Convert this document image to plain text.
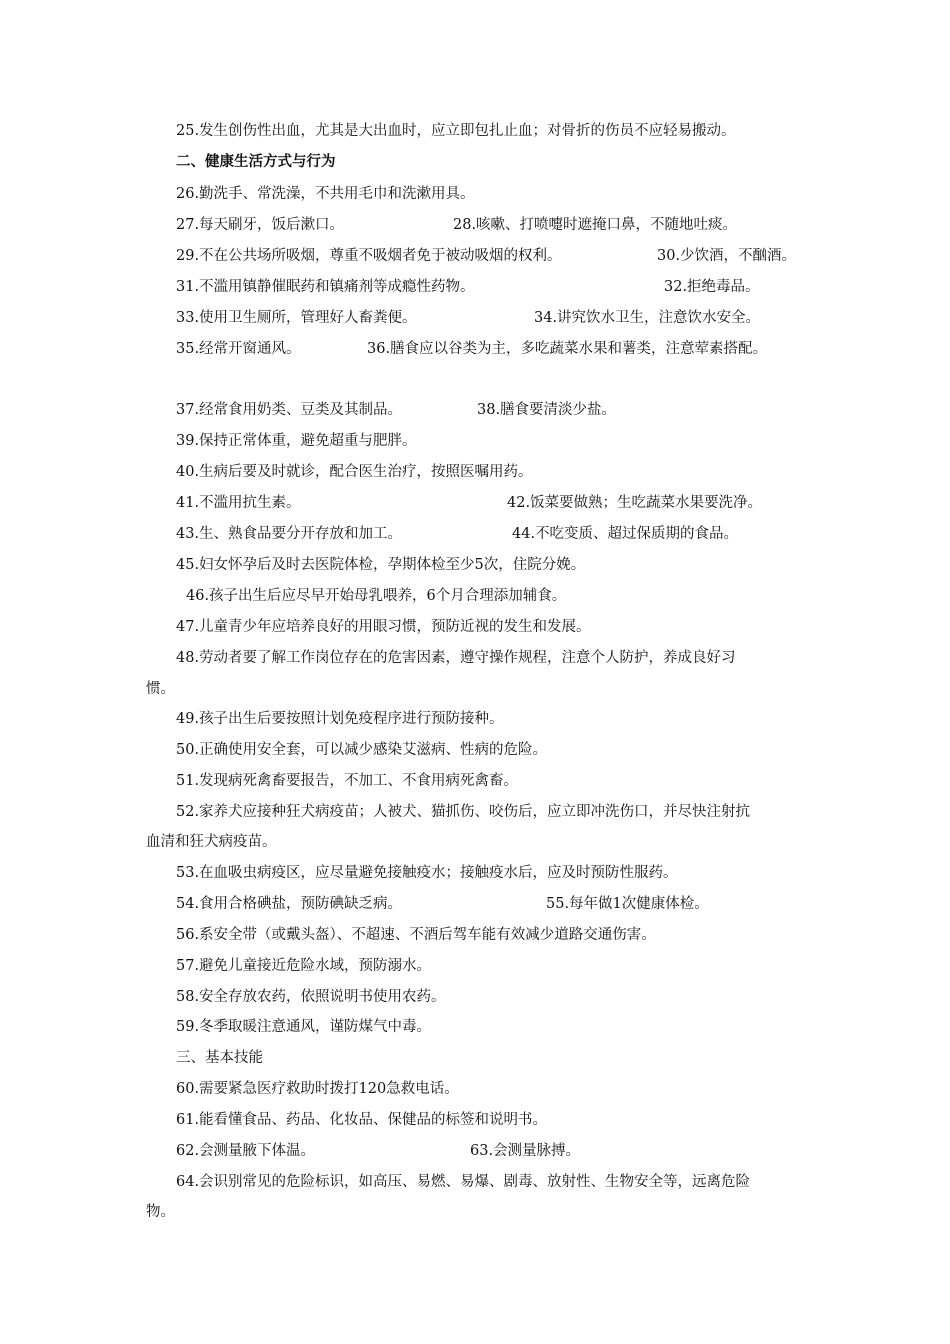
25.发生创伤性出血，尤其是大出血时，应立即包扎止血；对骨折的伤员不应轻易搬动。
二、健康生活方式与行为
26.勤洗手、常洗澡，不共用毛巾和洗漱用具。
27.每天刷牙，饭后漱口。	28.咳嗽、打喷嚏时遮掩口鼻，不随地吐痰。
29.不在公共场所吸烟，尊重不吸烟者免于被动吸烟的权利。	30.少饮酒，不酗酒。
31.不滥用镇静催眠药和镇痛剂等成瘾性药物。	32.拒绝毒品。
33.使用卫生厕所，管理好人畜粪便。	34.讲究饮水卫生，注意饮水安全。
35.经常开窗通风。	36.膳食应以谷类为主，多吃蔬菜水果和薯类，注意荤素搭配。
37.经常食用奶类、豆类及其制品。	38.膳食要清淡少盐。
39.保持正常体重，避免超重与肥胖。
40.生病后要及时就诊，配合医生治疗，按照医嘱用药。
41.不滥用抗生素。	42.饭菜要做熟；生吃蔬菜水果要洗净。
43.生、熟食品要分开存放和加工。	44.不吃变质、超过保质期的食品。
45.妇女怀孕后及时去医院体检，孕期体检至少5次，住院分娩。
46.孩子出生后应尽早开始母乳喂养，6个月合理添加辅食。
47.儿童青少年应培养良好的用眼习惯，预防近视的发生和发展。
48.劳动者要了解工作岗位存在的危害因素，遵守操作规程，注意个人防护，养成良好习
惯。
49.孩子出生后要按照计划免疫程序进行预防接种。
50.正确使用安全套，可以减少感染艾滋病、性病的危险。
51.发现病死禽畜要报告，不加工、不食用病死禽畜。
52.家养犬应接种狂犬病疫苗；人被犬、猫抓伤、咬伤后，应立即冲洗伤口，并尽快注射抗
血清和狂犬病疫苗。
53.在血吸虫病疫区，应尽量避免接触疫水；接触疫水后，应及时预防性服药。
54.食用合格碘盐，预防碘缺乏病。	55.每年做1次健康体检。
56.系安全带（或戴头盔）、不超速、不酒后驾车能有效减少道路交通伤害。
57.避免儿童接近危险水域，预防溺水。
58.安全存放农药，依照说明书使用农药。
59.冬季取暖注意通风，谨防煤气中毒。
三、基本技能
60.需要紧急医疗救助时拨打120急救电话。
61.能看懂食品、药品、化妆品、保健品的标签和说明书。
62.会测量腋下体温。	63.会测量脉搏。
64.会识别常见的危险标识，如高压、易燃、易爆、剧毒、放射性、生物安全等，远离危险
物。
